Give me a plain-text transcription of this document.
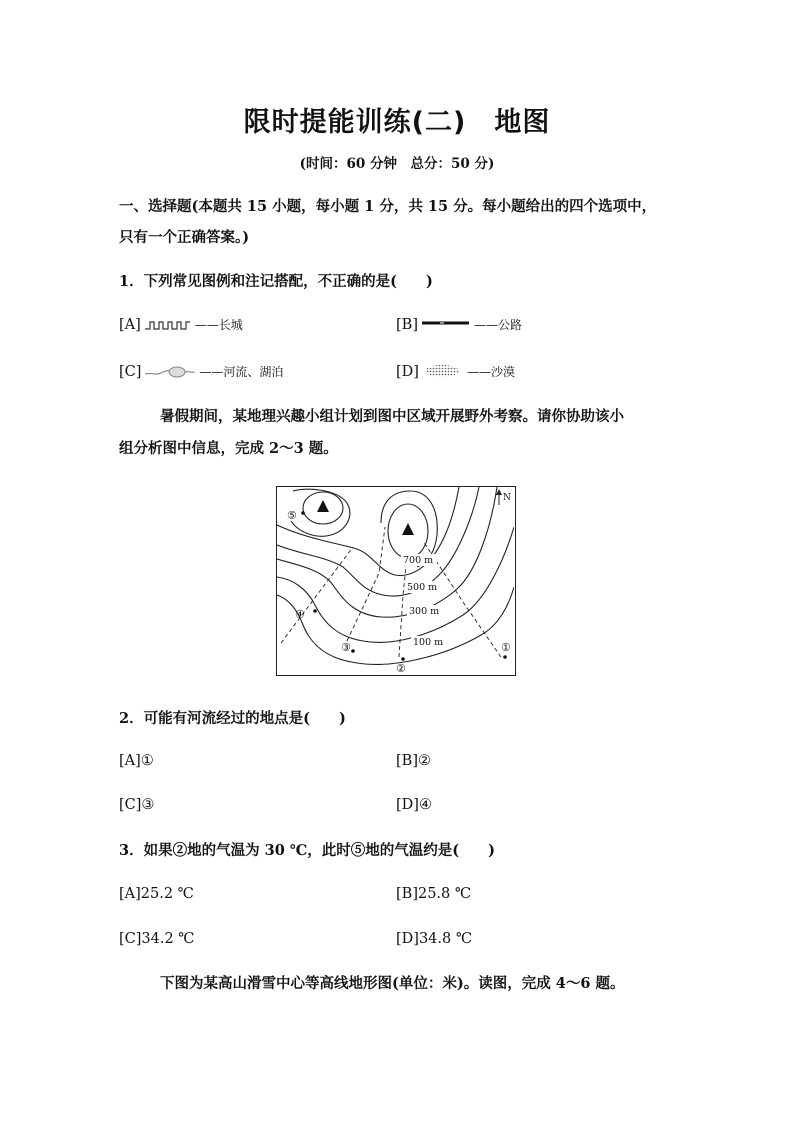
限时提能训练(二)　地图
(时间：60 分钟　总分：50 分)
一、选择题(本题共 15 小题，每小题 1 分，共 15 分。每小题给出的四个选项中，
只有一个正确答案。)
1．下列常见图例和注记搭配，不正确的是(　　)
[A]	——长城	[B]	——公路
[C]	——河流、湖泊	[D]	——沙漠
暑假期间，某地理兴趣小组计划到图中区域开展野外考察。请你协助该小
组分析图中信息，完成 2～3 题。
N
700 m
500 m
300 m
100 m	①
②
③
④
⑤
2．可能有河流经过的地点是(　　)
[A]①	[B]②
[C]③	[D]④
3．如果②地的气温为 30 ℃，此时⑤地的气温约是(　　)
[A]25.2 ℃	[B]25.8 ℃
[C]34.2 ℃	[D]34.8 ℃
下图为某高山滑雪中心等高线地形图(单位：米)。读图，完成 4～6 题。
